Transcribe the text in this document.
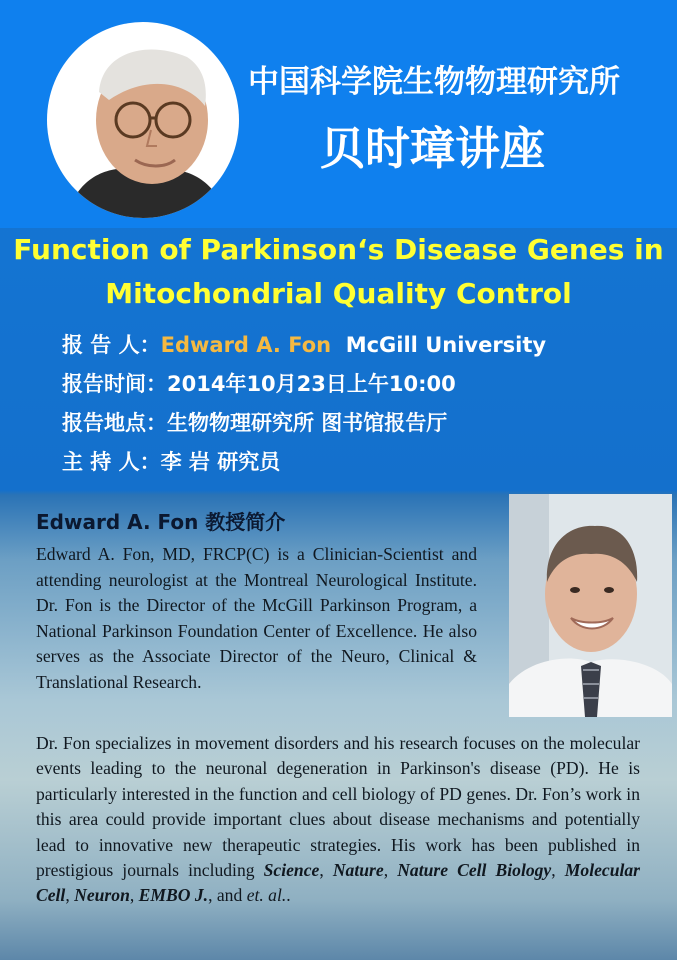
中国科学院生物物理研究所
贝时璋讲座
Function of Parkinson‘s Disease Genes in
Mitochondrial Quality Control
报 告 人：Edward A. Fon McGill University
报告时间：2014年10月23日上午10:00
报告地点：生物物理研究所 图书馆报告厅
主 持 人：李 岩 研究员
Edward A. Fon 教授简介
Edward A. Fon, MD, FRCP(C) is a Clinician-Scientist and attending neurologist at the Montreal Neurological Institute. Dr. Fon is the Director of the McGill Parkinson Program, a National Parkinson Foundation Center of Excellence. He also serves as the Associate Director of the Neuro, Clinical & Translational Research.
Dr. Fon specializes in movement disorders and his research focuses on the molecular events leading to the neuronal degeneration in Parkinson's disease (PD). He is particularly interested in the function and cell biology of PD genes. Dr. Fon’s work in this area could provide important clues about disease mechanisms and potentially lead to innovative new therapeutic strategies. His work has been published in prestigious journals including Science, Nature, Nature Cell Biology, Molecular Cell, Neuron, EMBO J., and et. al..
